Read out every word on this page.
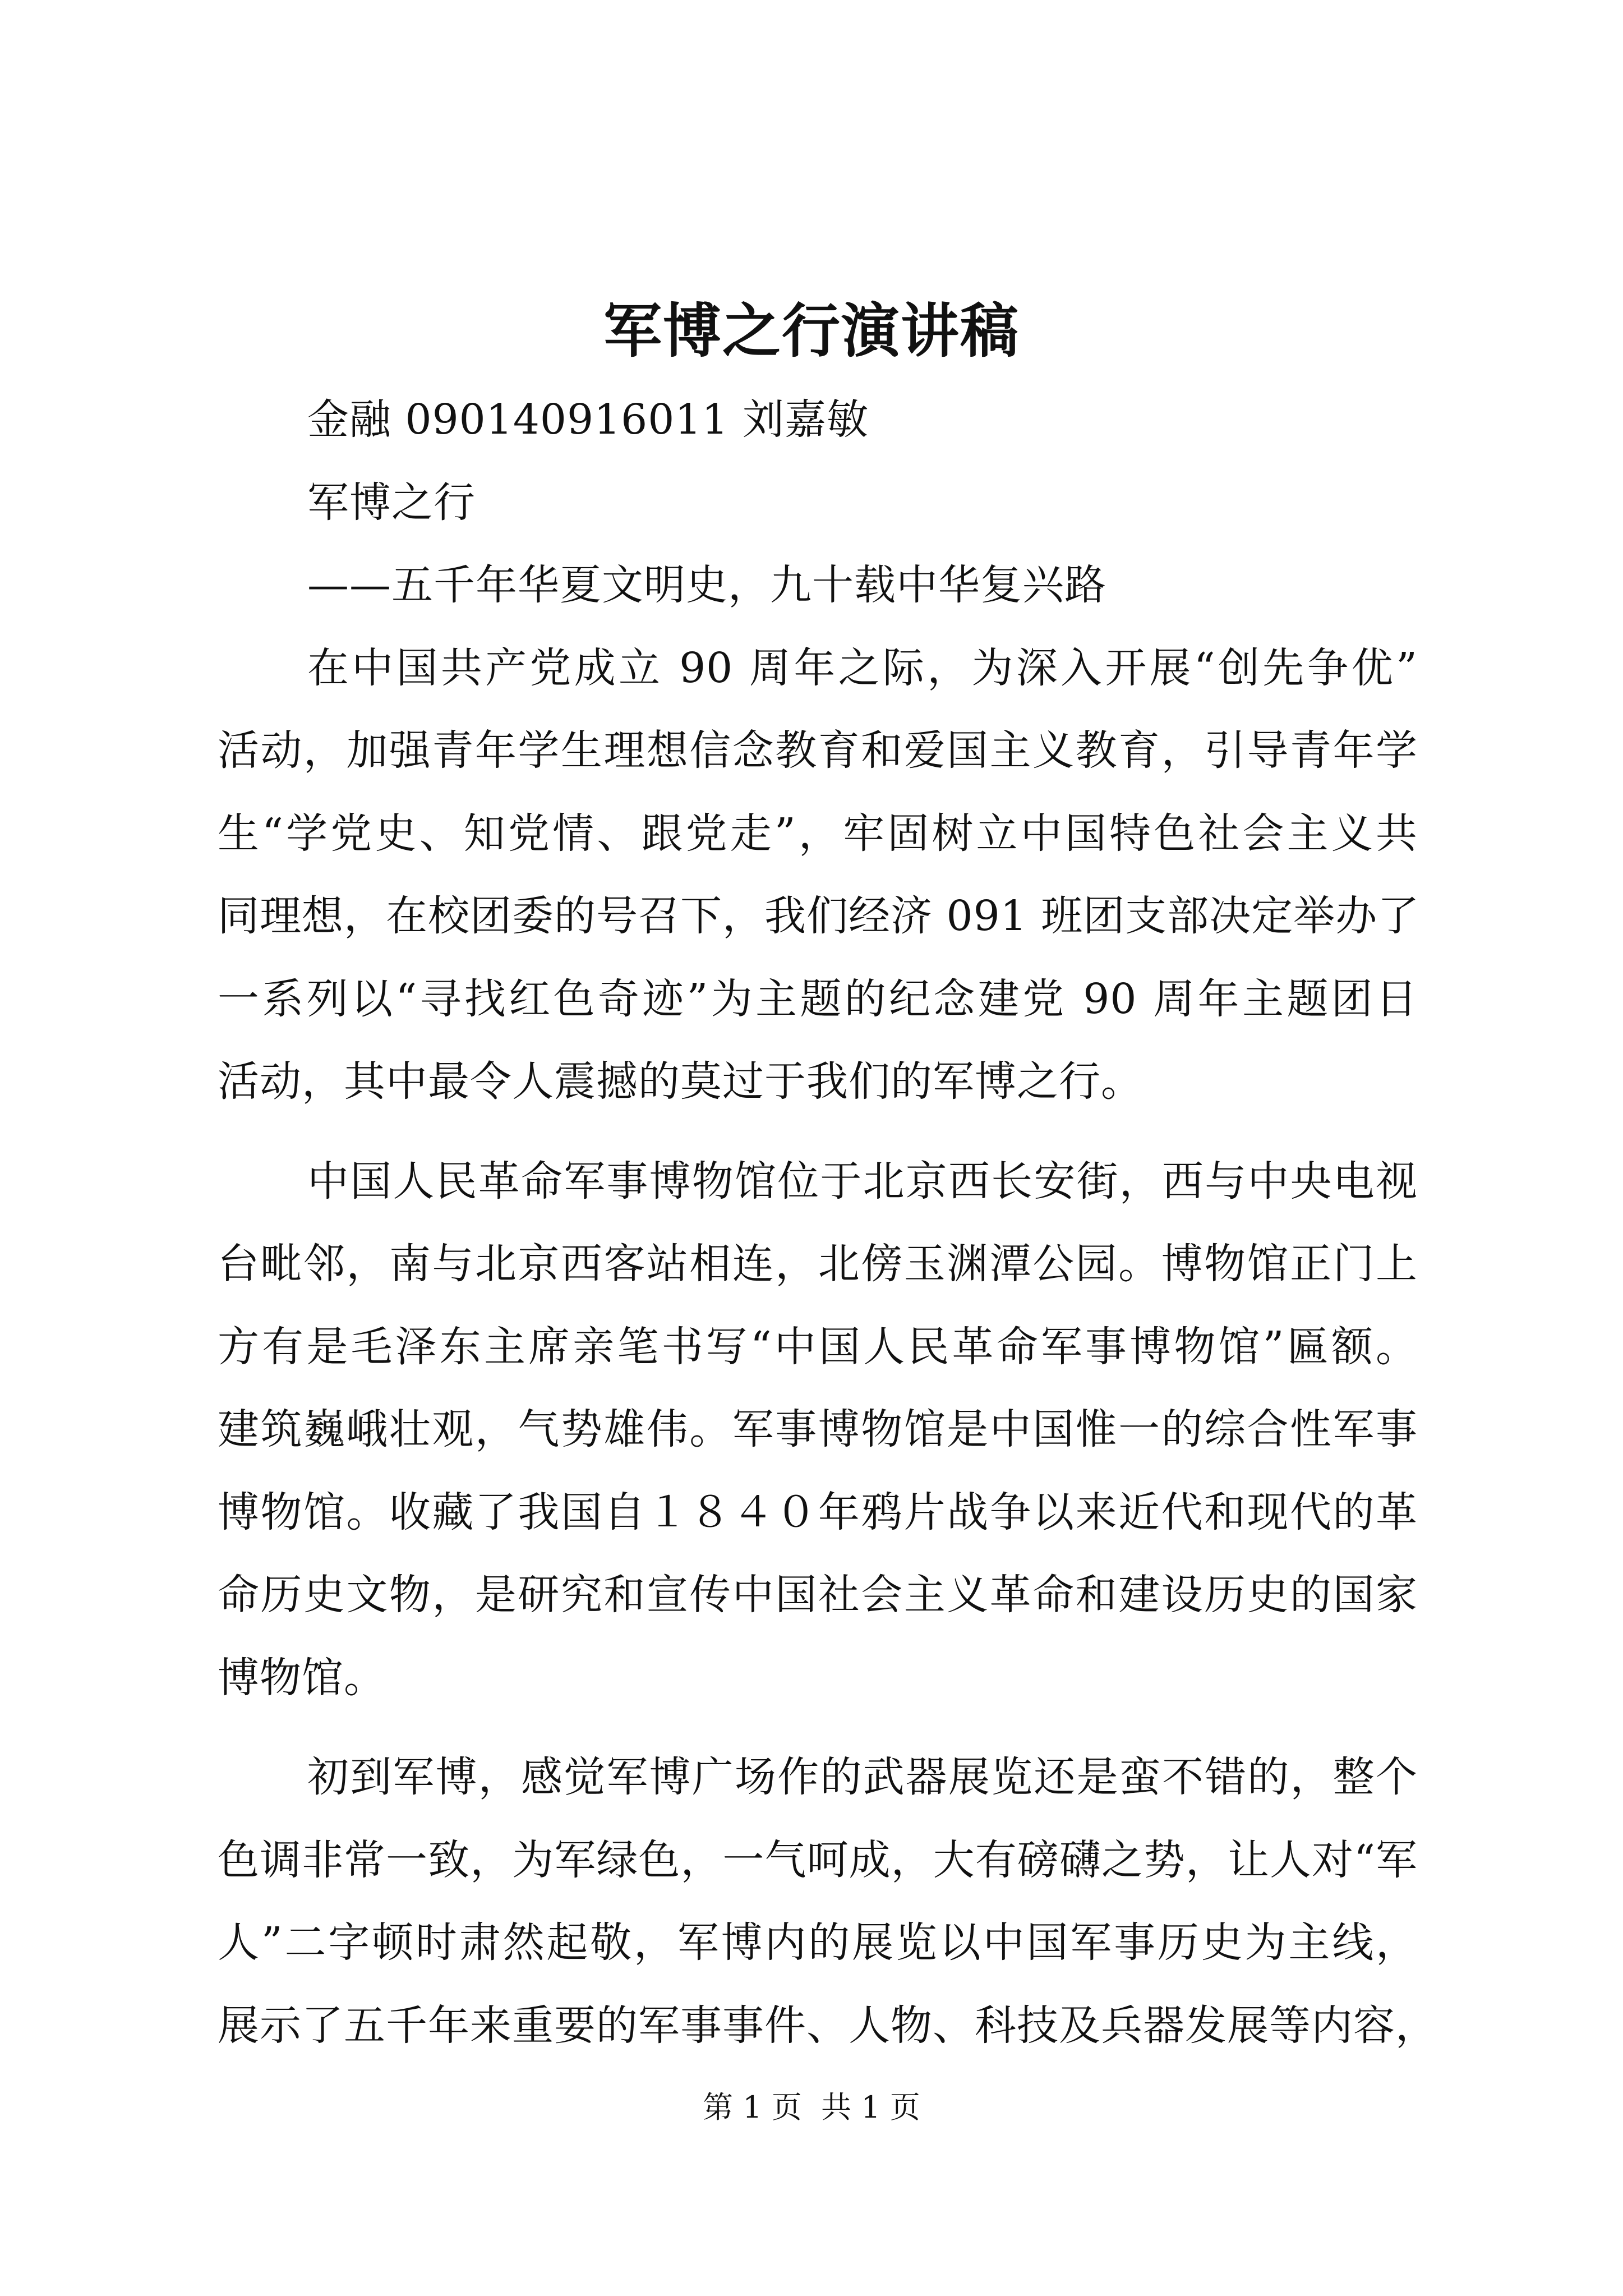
军博之行演讲稿
金融 090140916011 刘嘉敏
军博之行
——五千年华夏文明史，九十载中华复兴路
在中国共产党成立 90 周年之际，为深入开展“创先争优”
活动，加强青年学生理想信念教育和爱国主义教育，引导青年学
生“学党史、知党情、跟党走”，牢固树立中国特色社会主义共
同理想，在校团委的号召下，我们经济 091 班团支部决定举办了
一系列以“寻找红色奇迹”为主题的纪念建党 90 周年主题团日
活动，其中最令人震撼的莫过于我们的军博之行。
中国人民革命军事博物馆位于北京西长安街，西与中央电视
台毗邻，南与北京西客站相连，北傍玉渊潭公园。博物馆正门上
方有是毛泽东主席亲笔书写“中国人民革命军事博物馆”匾额。
建筑巍峨壮观，气势雄伟。军事博物馆是中国惟一的综合性军事
博物馆。收藏了我国自１８４０年鸦片战争以来近代和现代的革
命历史文物，是研究和宣传中国社会主义革命和建设历史的国家
博物馆。
初到军博，感觉军博广场作的武器展览还是蛮不错的，整个
色调非常一致，为军绿色，一气呵成，大有磅礴之势，让人对“军
人”二字顿时肃然起敬，军博内的展览以中国军事历史为主线，
展示了五千年来重要的军事事件、人物、科技及兵器发展等内容，
第 1 页  共 1 页
